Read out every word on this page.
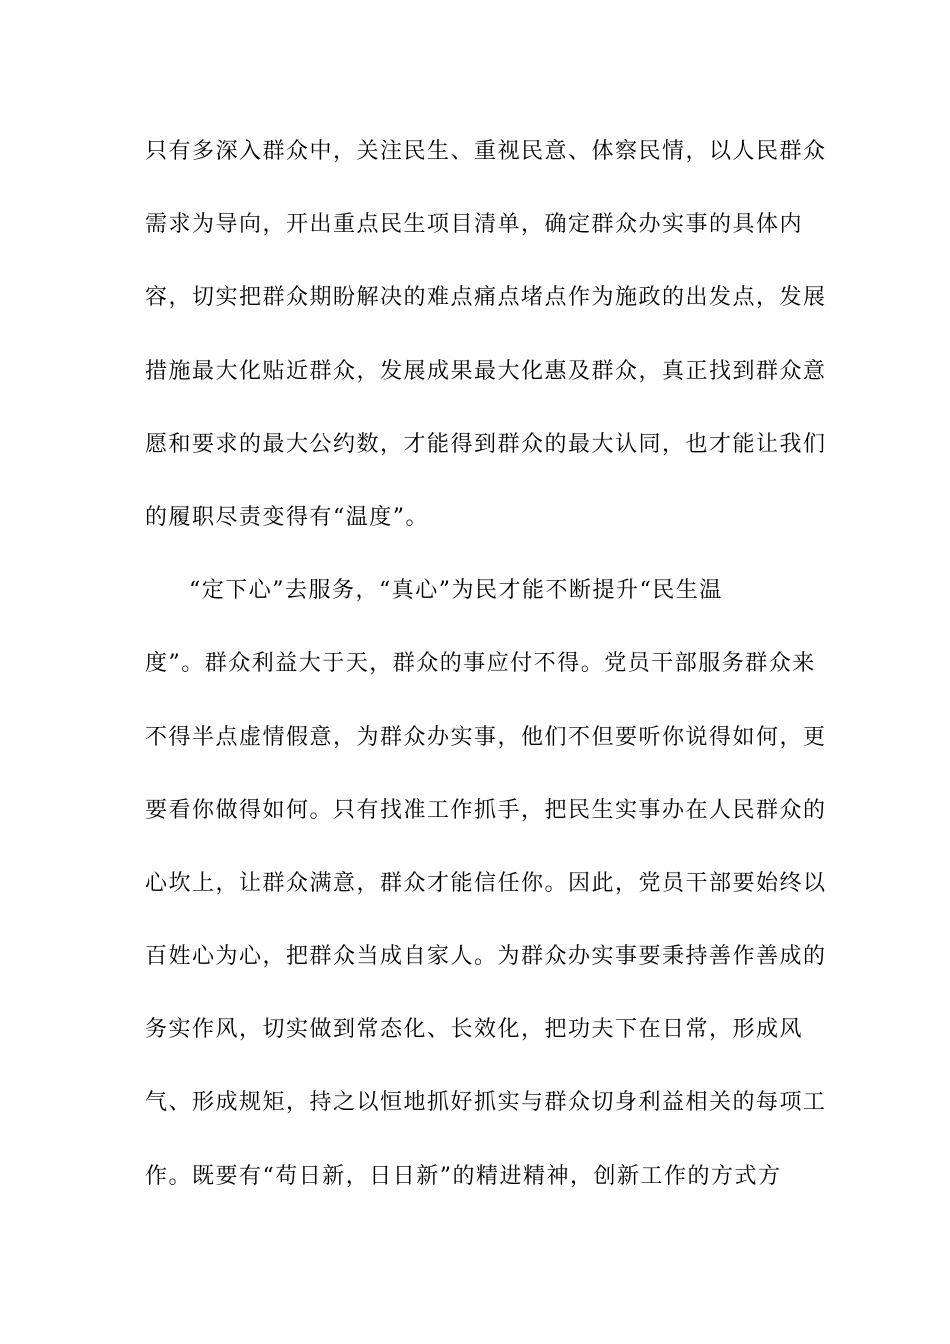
只有多深入群众中，关注民生、重视民意、体察民情，以人民群众
需求为导向，开出重点民生项目清单，确定群众办实事的具体内
容，切实把群众期盼解决的难点痛点堵点作为施政的出发点，发展
措施最大化贴近群众，发展成果最大化惠及群众，真正找到群众意
愿和要求的最大公约数，才能得到群众的最大认同，也才能让我们
的履职尽责变得有“温度”。
“定下心”去服务，“真心”为民才能不断提升“民生温
度”。群众利益大于天，群众的事应付不得。党员干部服务群众来
不得半点虚情假意，为群众办实事，他们不但要听你说得如何，更
要看你做得如何。只有找准工作抓手，把民生实事办在人民群众的
心坎上，让群众满意，群众才能信任你。因此，党员干部要始终以
百姓心为心，把群众当成自家人。为群众办实事要秉持善作善成的
务实作风，切实做到常态化、长效化，把功夫下在日常，形成风
气、形成规矩，持之以恒地抓好抓实与群众切身利益相关的每项工
作。既要有“苟日新，日日新”的精进精神，创新工作的方式方
